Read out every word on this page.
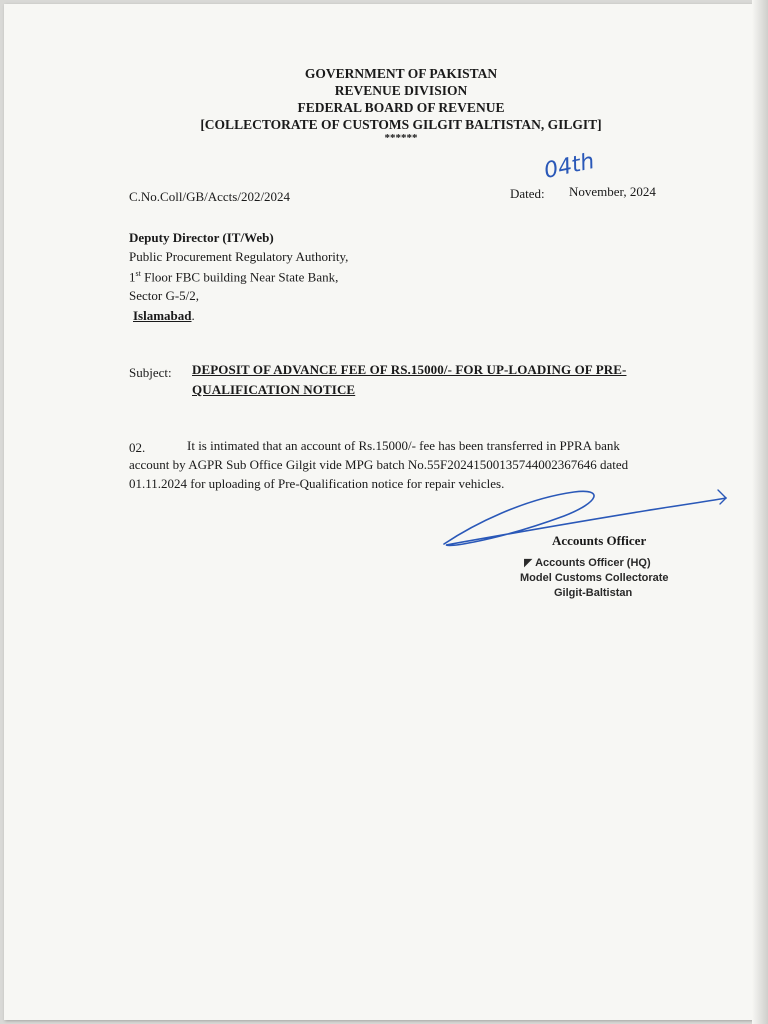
GOVERNMENT OF PAKISTAN
REVENUE DIVISION
FEDERAL BOARD OF REVENUE
[COLLECTORATE OF CUSTOMS GILGIT BALTISTAN, GILGIT]
******
C.No.Coll/GB/Accts/202/2024	Dated:
04th
November, 2024
Deputy Director (IT/Web)
Public Procurement Regulatory Authority,
1st Floor FBC building Near State Bank,
Sector G-5/2,
Islamabad.
Subject: DEPOSIT OF ADVANCE FEE OF RS.15000/- FOR UP-LOADING OF PRE-
QUALIFICATION NOTICE
02.	It is intimated that an account of Rs.15000/- fee has been transferred in PPRA bank
account by AGPR Sub Office Gilgit vide MPG batch No.55F20241500135744002367646 dated
01.11.2024 for uploading of Pre-Qualification notice for repair vehicles.
Accounts Officer
◤ Accounts Officer (HQ)
Model Customs Collectorate
Gilgit-Baltistan
